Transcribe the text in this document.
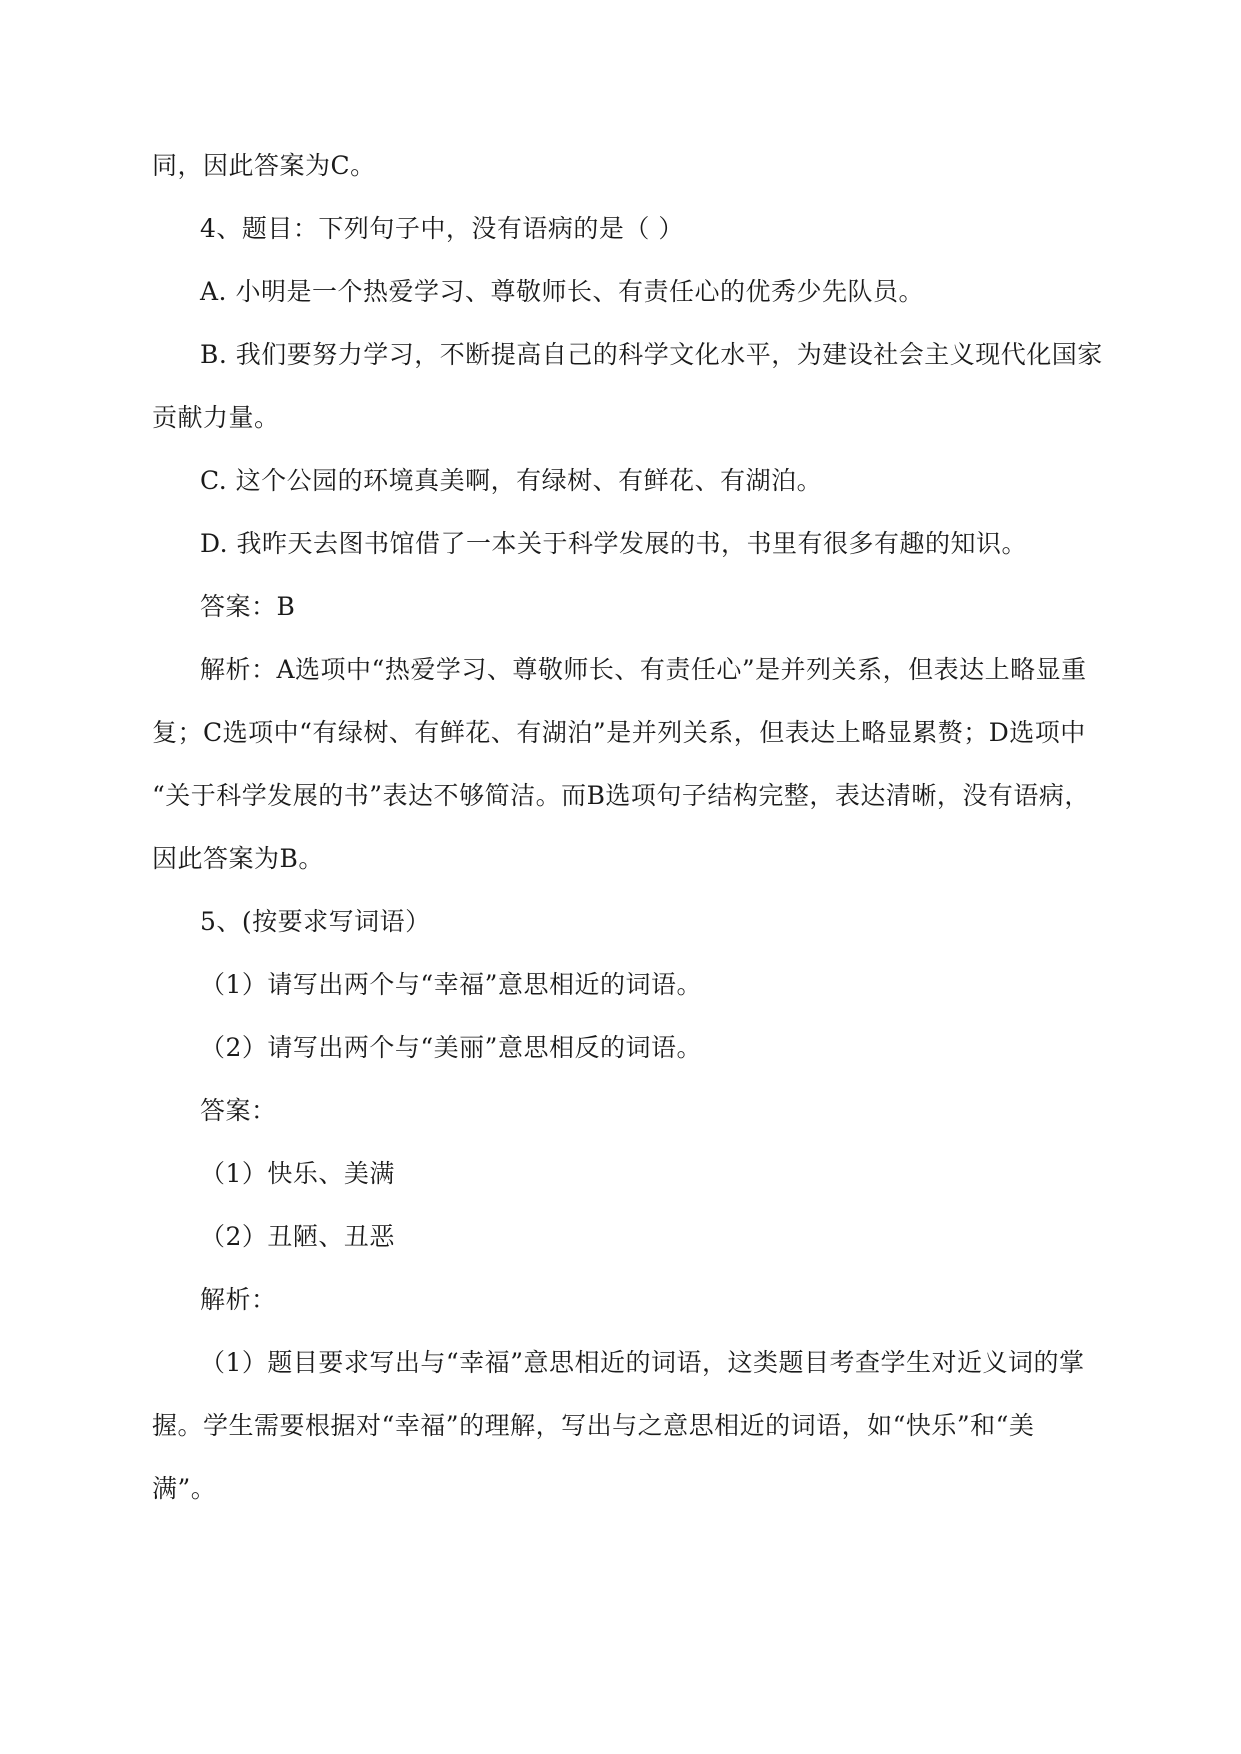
同，因此答案为C。
4、题目：下列句子中，没有语病的是（ ）
A. 小明是一个热爱学习、尊敬师长、有责任心的优秀少先队员。
B. 我们要努力学习，不断提高自己的科学文化水平，为建设社会主义现代化国家
贡献力量。
C. 这个公园的环境真美啊，有绿树、有鲜花、有湖泊。
D. 我昨天去图书馆借了一本关于科学发展的书，书里有很多有趣的知识。
答案：B
解析：A选项中“热爱学习、尊敬师长、有责任心”是并列关系，但表达上略显重
复；C选项中“有绿树、有鲜花、有湖泊”是并列关系，但表达上略显累赘；D选项中
“关于科学发展的书”表达不够简洁。而B选项句子结构完整，表达清晰，没有语病，
因此答案为B。
5、(按要求写词语）
（1）请写出两个与“幸福”意思相近的词语。
（2）请写出两个与“美丽”意思相反的词语。
答案：
（1）快乐、美满
（2）丑陋、丑恶
解析：
（1）题目要求写出与“幸福”意思相近的词语，这类题目考查学生对近义词的掌
握。学生需要根据对“幸福”的理解，写出与之意思相近的词语，如“快乐”和“美
满”。
